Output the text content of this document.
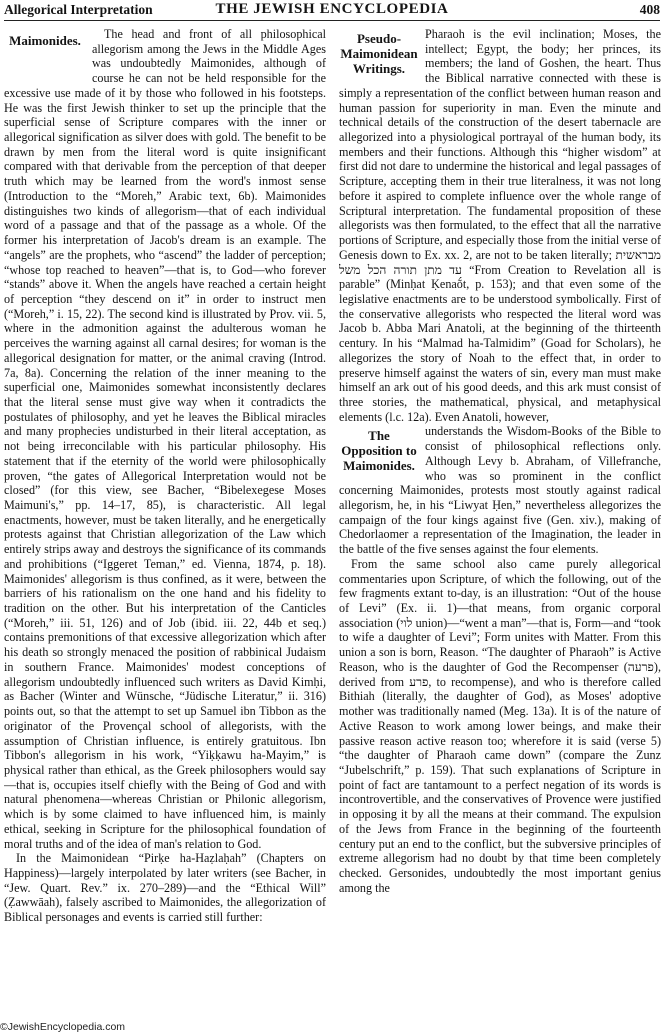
Allegorical Interpretation	THE JEWISH ENCYCLOPEDIA	408
Maimonides.	The head and front of all philosophical allegorism among the Jews in the Middle Ages was undoubtedly Maimonides, although of course he can not be held responsible for the excessive use made of it by those who followed in his footsteps. He was the first Jewish thinker to set up the principle that the superficial sense of Scripture compares with the inner or allegorical signification as silver does with gold. The benefit to be drawn by men from the literal word is quite insignificant compared with that derivable from the perception of that deeper truth which may be learned from the word's inmost sense (Introduction to the “Moreh,” Arabic text, 6b). Maimonides distinguishes two kinds of allegorism—that of each individual word of a passage and that of the passage as a whole. Of the former his interpretation of Jacob's dream is an example. The “angels” are the prophets, who “ascend” the ladder of perception; “whose top reached to heaven”—that is, to God—who forever “stands” above it. When the angels have reached a certain height of perception “they descend on it” in order to instruct men (“Moreh,” i. 15, 22). The second kind is illustrated by Prov. vii. 5, where in the admonition against the adulterous woman he perceives the warning against all carnal desires; for woman is the allegorical designation for matter, or the animal craving (Introd. 7a, 8a). Concerning the relation of the inner meaning to the superficial one, Maimonides somewhat inconsistently declares that the literal sense must give way when it contradicts the postulates of philosophy, and yet he leaves the Biblical miracles and many prophecies undisturbed in their literal acceptation, as not being irreconcilable with his particular philosophy. His statement that if the eternity of the world were philosophically proven, “the gates of Allegorical Interpretation would not be closed” (for this view, see Bacher, “Bibelexegese Moses Maimuni's,” pp. 14–17, 85), is characteristic. All legal enactments, however, must be taken literally, and he energetically protests against that Christian allegorization of the Law which entirely strips away and destroys the significance of its commands and prohibitions (“Iggeret Teman,” ed. Vienna, 1874, p. 18). Maimonides' allegorism is thus confined, as it were, between the barriers of his rationalism on the one hand and his fidelity to tradition on the other. But his interpretation of the Canticles (“Moreh,” iii. 51, 126) and of Job (ibid. iii. 22, 44b et seq.) contains premonitions of that excessive allegorization which after his death so strongly menaced the position of rabbinical Judaism in southern France. Maimonides' modest conceptions of allegorism undoubtedly influenced such writers as David Kimḥi, as Bacher (Winter and Wünsche, “Jüdische Literatur,” ii. 316) points out, so that the attempt to set up Samuel ibn Tibbon as the originator of the Provençal school of allegorists, with the assumption of Christian influence, is entirely gratuitous. Ibn Tibbon's allegorism in his work, “Yiḳḳawu ha-Mayim,” is physical rather than ethical, as the Greek philosophers would say—that is, occupies itself chiefly with the Being of God and with natural phenomena—whereas Christian or Philonic allegorism, which is by some claimed to have influenced him, is mainly ethical, seeking in Scripture for the philosophical foundation of moral truths and of the idea of man's relation to God.

In the Maimonidean “Pirḳe ha-Haẓlaḥah” (Chapters on Happiness)—largely interpolated by later writers (see Bacher, in “Jew. Quart. Rev.” ix. 270–289)—and the “Ethical Will” (Ẓawwāah), falsely ascribed to Maimonides, the allegorization of Biblical personages and events is carried still further:

Pseudo-Maimonidean Writings.

Pharaoh is the evil inclination; Moses, the intellect; Egypt, the body; her princes, its members; the land of Goshen, the heart. Thus the Biblical narrative connected with these is simply a representation of the conflict between human reason and human passion for superiority in man. Even the minute and technical details of the construction of the desert tabernacle are allegorized into a physiological portrayal of the human body, its members and their functions. Although this “higher wisdom” at first did not dare to undermine the historical and legal passages of Scripture, accepting them in their true literalness, it was not long before it aspired to complete influence over the whole range of Scriptural interpretation. The fundamental proposition of these allegorists was then formulated, to the effect that all the narrative portions of Scripture, and especially those from the initial verse of Genesis down to Ex. xx. 2, are not to be taken literally; מבראשית עד מתן תורה הכל משל “From Creation to Revelation all is parable” (Minḥat Ḳenaṍt, p. 153); and that even some of the legislative enactments are to be understood symbolically. First of the conservative allegorists who respected the literal word was Jacob b. Abba Mari Anatoli, at the beginning of the thirteenth century. In his “Malmad ha-Talmidim” (Goad for Scholars), he allegorizes the story of Noah to the effect that, in order to preserve himself against the waters of sin, every man must make himself an ark out of his good deeds, and this ark must consist of three stories, the mathematical, physical, and metaphysical elements (l.c. 12a). Even Anatoli, however,

The Opposition to Maimonides.

understands the Wisdom-Books of the Bible to consist of philosophical reflections only. Although Levy b. Abraham, of Villefranche, who was so prominent in the conflict concerning Maimonides, protests most stoutly against radical allegorism, he, in his “Liwyat Ḥen,” nevertheless allegorizes the campaign of the four kings against five (Gen. xiv.), making of Chedorlaomer a representation of the Imagination, the leader in the battle of the five senses against the four elements.

From the same school also came purely allegorical commentaries upon Scripture, of which the following, out of the few fragments extant to-day, is an illustration: “Out of the house of Levi” (Ex. ii. 1)—that means, from organic corporal association (לוי union)—“went a man”—that is, Form—and “took to wife a daughter of Levi”; Form unites with Matter. From this union a son is born, Reason. “The daughter of Pharaoh” is Active Reason, who is the daughter of God the Recompenser (פרעה), derived from פרע, to recompense), and who is therefore called Bithiah (literally, the daughter of God), as Moses' adoptive mother was traditionally named (Meg. 13a). It is of the nature of Active Reason to work among lower beings, and make their passive reason active reason too; wherefore it is said (verse 5) “the daughter of Pharaoh came down” (compare the Zunz “Jubelschrift,” p. 159). That such explanations of Scripture in point of fact are tantamount to a perfect negation of its words is incontrovertible, and the conservatives of Provence were justified in opposing it by all the means at their command. The expulsion of the Jews from France in the beginning of the fourteenth century put an end to the conflict, but the subversive principles of extreme allegorism had no doubt by that time been completely checked. Gersonides, undoubtedly the most important genius among the

©JewishEncyclopedia.com
